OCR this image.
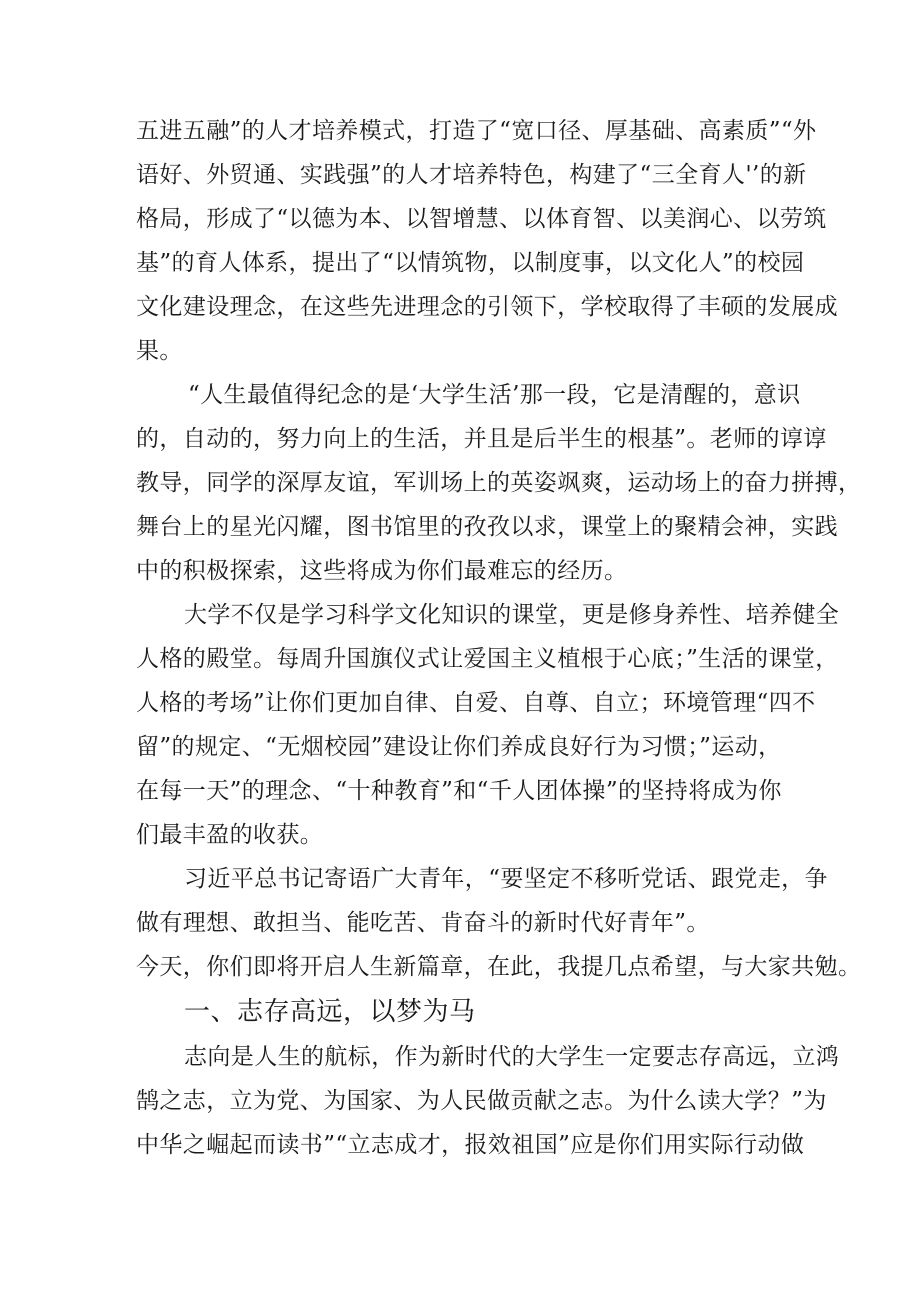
五进五融”的人才培养模式，打造了“宽口径、厚基础、高素质”“外
语好、外贸通、实践强”的人才培养特色，构建了“三全育人'’的新
格局，形成了“以德为本、以智增慧、以体育智、以美润心、以劳筑
基”的育人体系，提出了“以情筑物，以制度事，以文化人”的校园
文化建设理念，在这些先进理念的引领下，学校取得了丰硕的发展成
果。
“人生最值得纪念的是‘大学生活’那一段，它是清醒的，意识
的，自动的，努力向上的生活，并且是后半生的根基”。老师的谆谆
教导，同学的深厚友谊，军训场上的英姿飒爽，运动场上的奋力拼搏，
舞台上的星光闪耀，图书馆里的孜孜以求，课堂上的聚精会神，实践
中的积极探索，这些将成为你们最难忘的经历。
大学不仅是学习科学文化知识的课堂，更是修身养性、培养健全
人格的殿堂。每周升国旗仪式让爱国主义植根于心底；”生活的课堂，
人格的考场”让你们更加自律、自爱、自尊、自立；环境管理“四不
留”的规定、“无烟校园”建设让你们养成良好行为习惯；”运动，
在每一天”的理念、“十种教育”和“千人团体操”的坚持将成为你
们最丰盈的收获。
习近平总书记寄语广大青年，“要坚定不移听党话、跟党走，争
做有理想、敢担当、能吃苦、肯奋斗的新时代好青年”。
今天，你们即将开启人生新篇章，在此，我提几点希望，与大家共勉。
一、志存高远，以梦为马
志向是人生的航标，作为新时代的大学生一定要志存高远，立鸿
鹄之志，立为党、为国家、为人民做贡献之志。为什么读大学？”为
中华之崛起而读书”“立志成才，报效祖国”应是你们用实际行动做
